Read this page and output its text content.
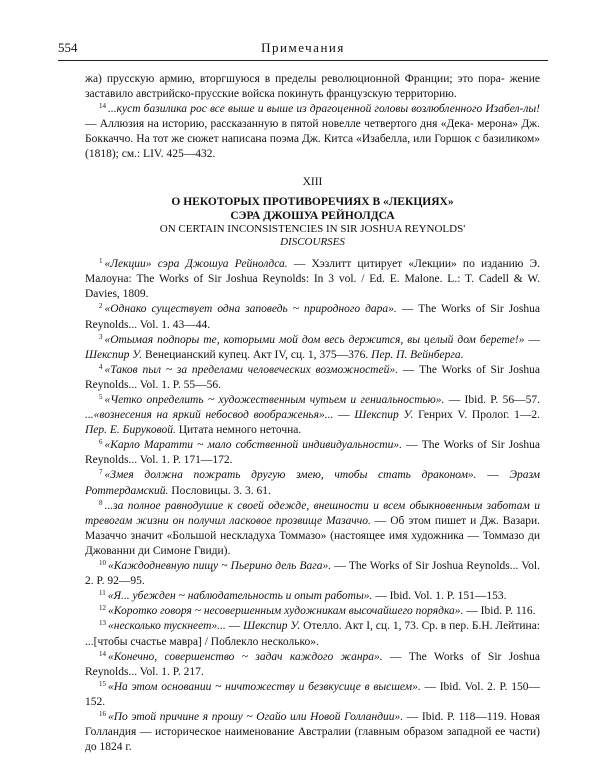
554	Примечания

жа) прусскую армию, вторгшуюся в пределы революционной Франции; это пора- жение заставило австрийско-прусские войска покинуть французскую территорию.

$^{14}$ ...куст базилика рос все выше и выше из драгоценной головы возлюбленного Изабел-лы! — Аллюзия на историю, рассказанную в пятой новелле четвертого дня «Дека- мерона» Дж. Боккаччо. На тот же сюжет написана поэма Дж. Китса «Изабелла, или Горшок с базиликом» (1818); см.: LIV. 425—432.

XIII
О НЕКОТОРЫХ ПРОТИВОРЕЧИЯХ В «ЛЕКЦИЯХ»
СЭРА ДЖОШУА РЕЙНОЛДСА
ON CERTAIN INCONSISTENCIES IN SIR JOSHUA REYNOLDS'
DISCOURSES

$^1$ «Лекции» сэра Джошуа Рейнолдса. — Хэзлитт цитирует «Лекции» по изданию Э. Малоуна: The Works of Sir Joshua Reynolds: In 3 vol. / Ed. E. Malone. L.: T. Cadell & W. Davies, 1809.

$^2$ «Однако существует одна заповедь ~ природного дара». — The Works of Sir Joshua Reynolds... Vol. 1. 43—44.

$^3$ «Отымая подпоры те, которыми мой дом весь держится, вы целый дом берете!» — Шекспир У. Венецианский купец. Акт IV, сц. 1, 375—376. Пер. П. Вейнберга.

$^4$ «Таков пыл ~ за пределами человеческих возможностей». — The Works of Sir Joshua Reynolds... Vol. 1. P. 55—56.

$^5$ «Четко определить ~ художественным чутьем и гениальностью». — Ibid. P. 56—57. ...«вознесения на яркий небосвод воображенья»... — Шекспир У. Генрих V. Пролог. 1—2. Пер. Е. Бируковой. Цитата немного неточна.

$^6$ «Карло Маратти ~ мало собственной индивидуальности». — The Works of Sir Joshua Reynolds... Vol. 1. P. 171—172.

$^7$ «Змея должна пожрать другую змею, чтобы стать драконом». — Эразм Роттердамский. Пословицы. 3. 3. 61.

$^8$ ...за полное равнодушие к своей одежде, внешности и всем обыкновенным заботам и тревогам жизни он получил ласковое прозвище Мазаччо. — Об этом пишет и Дж. Вазари. Мазаччо значит «Большой нескладуха Томмазо» (настоящее имя художника — Томмазо ди Джованни ди Симоне Гвиди).

$^{10}$ «Каждодневную пищу ~ Пьерино дель Вага». — The Works of Sir Joshua Reynolds... Vol. 2. P. 92—95.

$^{11}$ «Я... убежден ~ наблюдательность и опыт работы». — Ibid. Vol. 1. P. 151—153.

$^{12}$ «Коротко говоря ~ несовершенным художникам высочайшего порядка». — Ibid. P. 116.

$^{13}$ «несколько тускнеет»... — Шекспир У. Отелло. Акт I, сц. 1, 73. Ср. в пер. Б.Н. Лейтина: ...[чтобы счастье мавра] / Поблекло несколько».

$^{14}$ «Конечно, совершенство ~ задач каждого жанра». — The Works of Sir Joshua Reynolds... Vol. 1. P. 217.

$^{15}$ «На этом основании ~ ничтожеству и безвкусице в высшем». — Ibid. Vol. 2. P. 150—152.

$^{16}$ «По этой причине я прошу ~ Огайо или Новой Голландии». — Ibid. P. 118—119. Новая Голландия — историческое наименование Австралии (главным образом западной ее части) до 1824 г.
